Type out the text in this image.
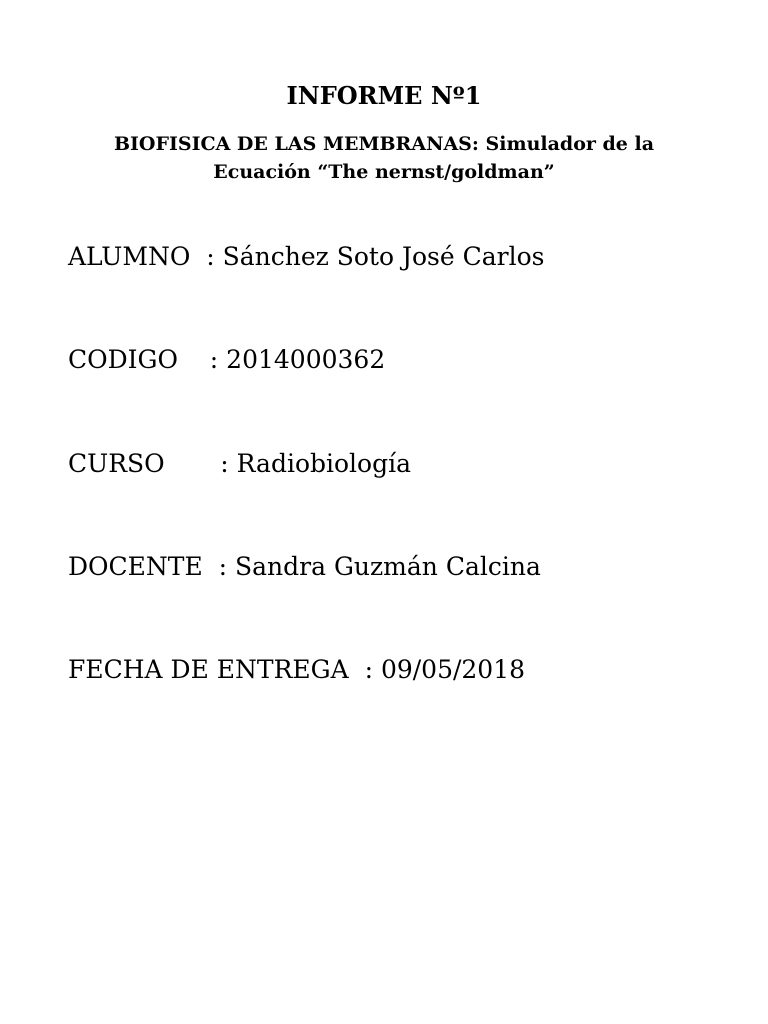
INFORME Nº1
BIOFISICA DE LAS MEMBRANAS: Simulador de la
Ecuación “The nernst/goldman”

ALUMNO  : Sánchez Soto José Carlos

CODIGO    : 2014000362

CURSO       : Radiobiología

DOCENTE  : Sandra Guzmán Calcina

FECHA DE ENTREGA  : 09/05/2018
